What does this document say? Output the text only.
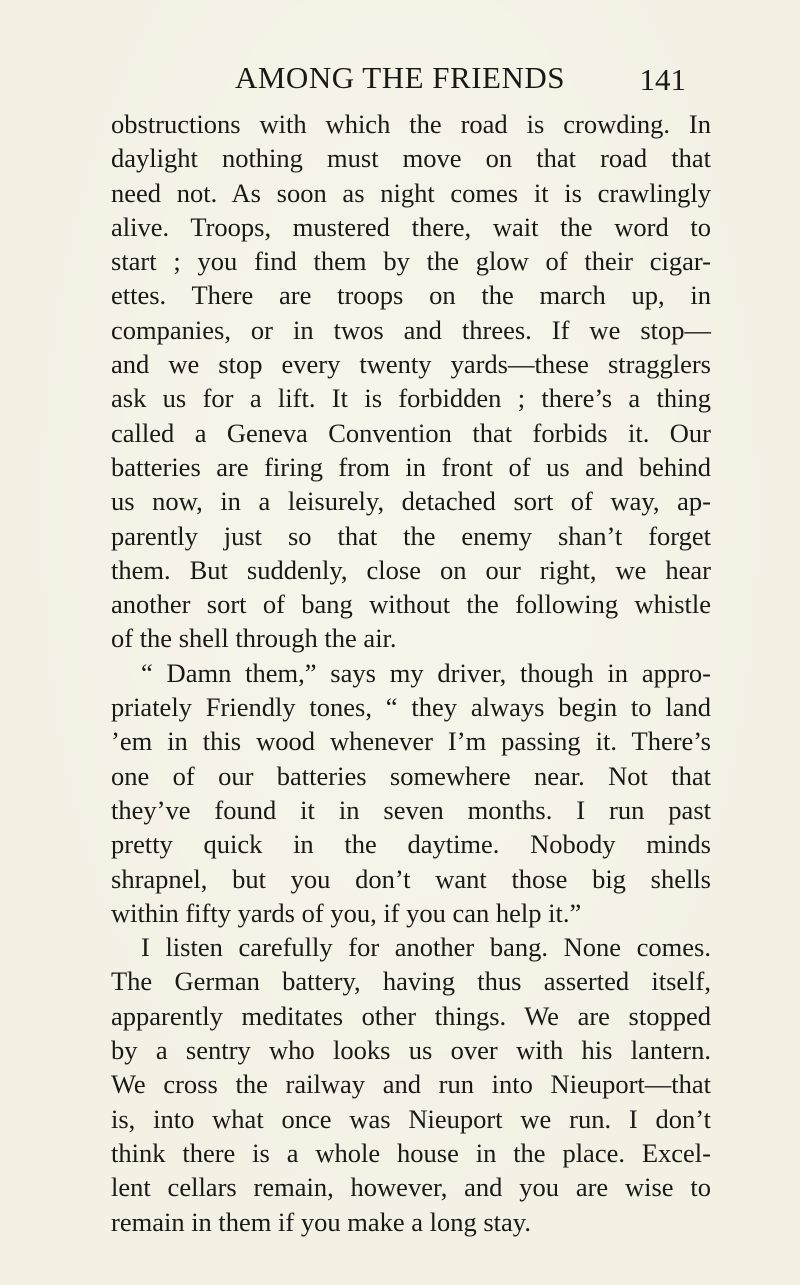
AMONG THE FRIENDS	141
obstructions with which the road is crowding. In
daylight nothing must move on that road that
need not. As soon as night comes it is crawlingly
alive. Troops, mustered there, wait the word to
start ; you find them by the glow of their cigar-
ettes. There are troops on the march up, in
companies, or in twos and threes. If we stop—
and we stop every twenty yards—these stragglers
ask us for a lift. It is forbidden ; there’s a thing
called a Geneva Convention that forbids it. Our
batteries are firing from in front of us and behind
us now, in a leisurely, detached sort of way, ap-
parently just so that the enemy shan’t forget
them. But suddenly, close on our right, we hear
another sort of bang without the following whistle
of the shell through the air.
“ Damn them,” says my driver, though in appro-
priately Friendly tones, “ they always begin to land
’em in this wood whenever I’m passing it. There’s
one of our batteries somewhere near. Not that
they’ve found it in seven months. I run past
pretty quick in the daytime. Nobody minds
shrapnel, but you don’t want those big shells
within fifty yards of you, if you can help it.”
I listen carefully for another bang. None comes.
The German battery, having thus asserted itself,
apparently meditates other things. We are stopped
by a sentry who looks us over with his lantern.
We cross the railway and run into Nieuport—that
is, into what once was Nieuport we run. I don’t
think there is a whole house in the place. Excel-
lent cellars remain, however, and you are wise to
remain in them if you make a long stay.
